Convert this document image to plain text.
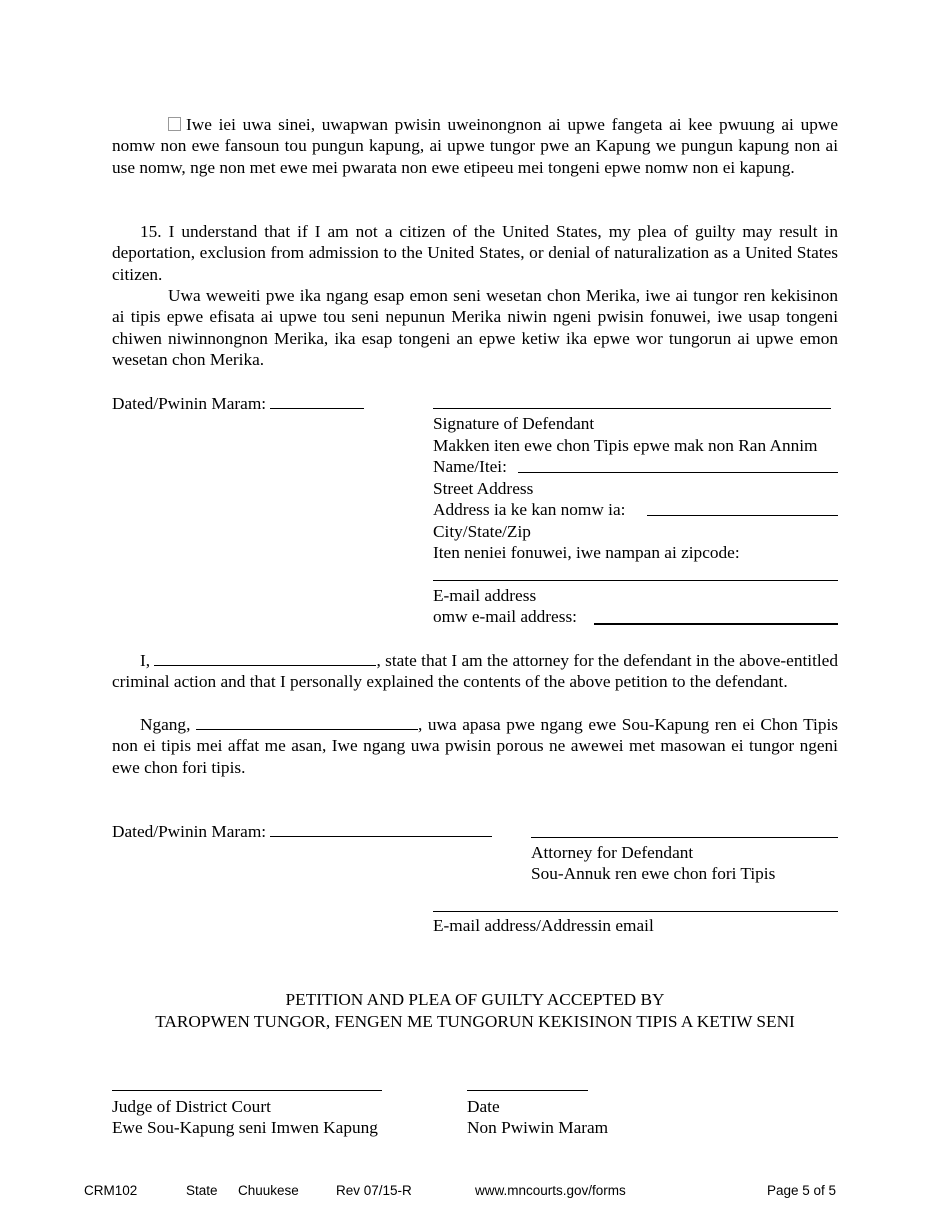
Iwe iei uwa sinei, uwapwan pwisin uweinongnon ai upwe fangeta ai kee pwuung ai upwe nomw non ewe fansoun tou pungun kapung, ai upwe tungor pwe an Kapung we pungun kapung non ai use nomw, nge non met ewe mei pwarata non ewe etipeeu mei tongeni epwe nomw non ei kapung.
15. I understand that if I am not a citizen of the United States, my plea of guilty may result in deportation, exclusion from admission to the United States, or denial of naturalization as a United States citizen.
Uwa weweiti pwe ika ngang esap emon seni wesetan chon Merika, iwe ai tungor ren kekisinon ai tipis epwe efisata ai upwe tou seni nepunun Merika niwin ngeni pwisin fonuwei, iwe usap tongeni chiwen niwinnongnon Merika, ika esap tongeni an epwe ketiw ika epwe wor tungorun ai upwe emon wesetan chon Merika.
Dated/Pwinin Maram:
Signature of Defendant
Makken iten ewe chon Tipis epwe mak non Ran Annim
Name/Itei:
Street Address
Address ia ke kan nomw ia:
City/State/Zip
Iten neniei fonuwei, iwe nampan ai zipcode:
E-mail address
omw e-mail address:
I,	, state that I am the attorney for the defendant in the above-entitled criminal action and that I personally explained the contents of the above petition to the defendant.
Ngang,	, uwa apasa pwe ngang ewe Sou-Kapung ren ei Chon Tipis non ei tipis mei affat me asan, Iwe ngang uwa pwisin porous ne awewei met masowan ei tungor ngeni ewe chon fori tipis.
Dated/Pwinin Maram:
Attorney for Defendant
Sou-Annuk ren ewe chon fori Tipis
E-mail address/Addressin email
PETITION AND PLEA OF GUILTY ACCEPTED BY
TAROPWEN TUNGOR, FENGEN ME TUNGORUN KEKISINON TIPIS A KETIW SENI
Judge of District Court
Ewe Sou-Kapung seni Imwen Kapung
Date
Non Pwiwin Maram
CRM102	State Chuukese	Rev 07/15-R	www.mncourts.gov/forms	Page 5 of 5
